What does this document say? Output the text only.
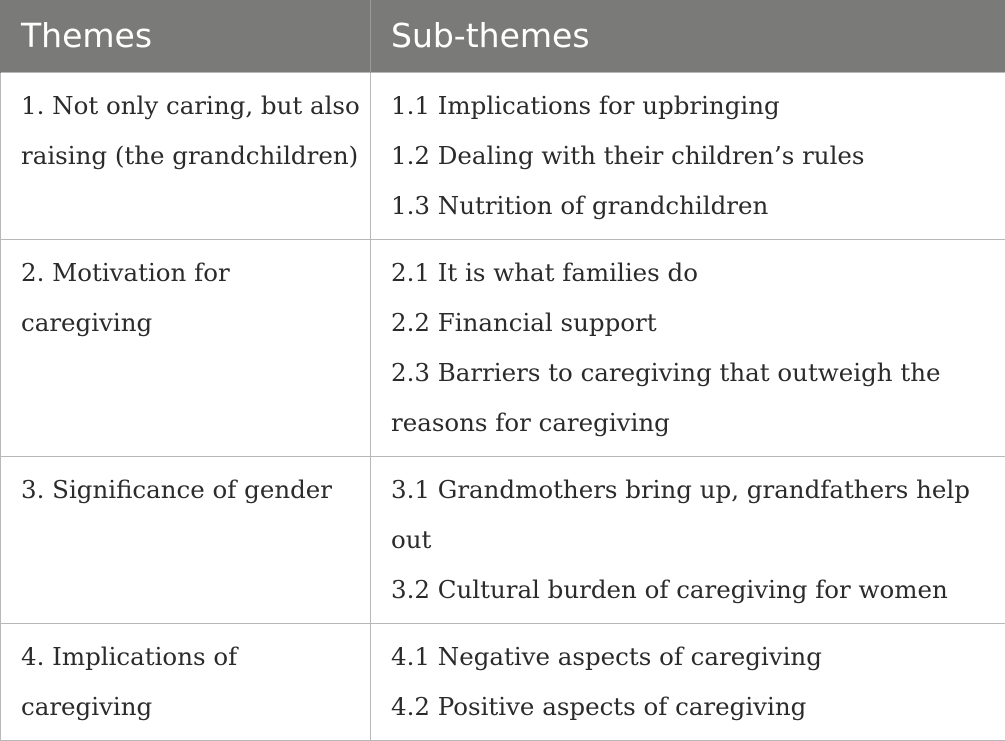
Themes	Sub-themes

1. Not only caring, but also raising (the grandchildren)	1.1 Implications for upbringing
1.2 Dealing with their children’s rules
1.3 Nutrition of grandchildren

2. Motivation for caregiving	2.1 It is what families do
2.2 Financial support
2.3 Barriers to caregiving that outweigh the reasons for caregiving

3. Significance of gender	3.1 Grandmothers bring up, grandfathers help out
3.2 Cultural burden of caregiving for women

4. Implications of caregiving	4.1 Negative aspects of caregiving
4.2 Positive aspects of caregiving
